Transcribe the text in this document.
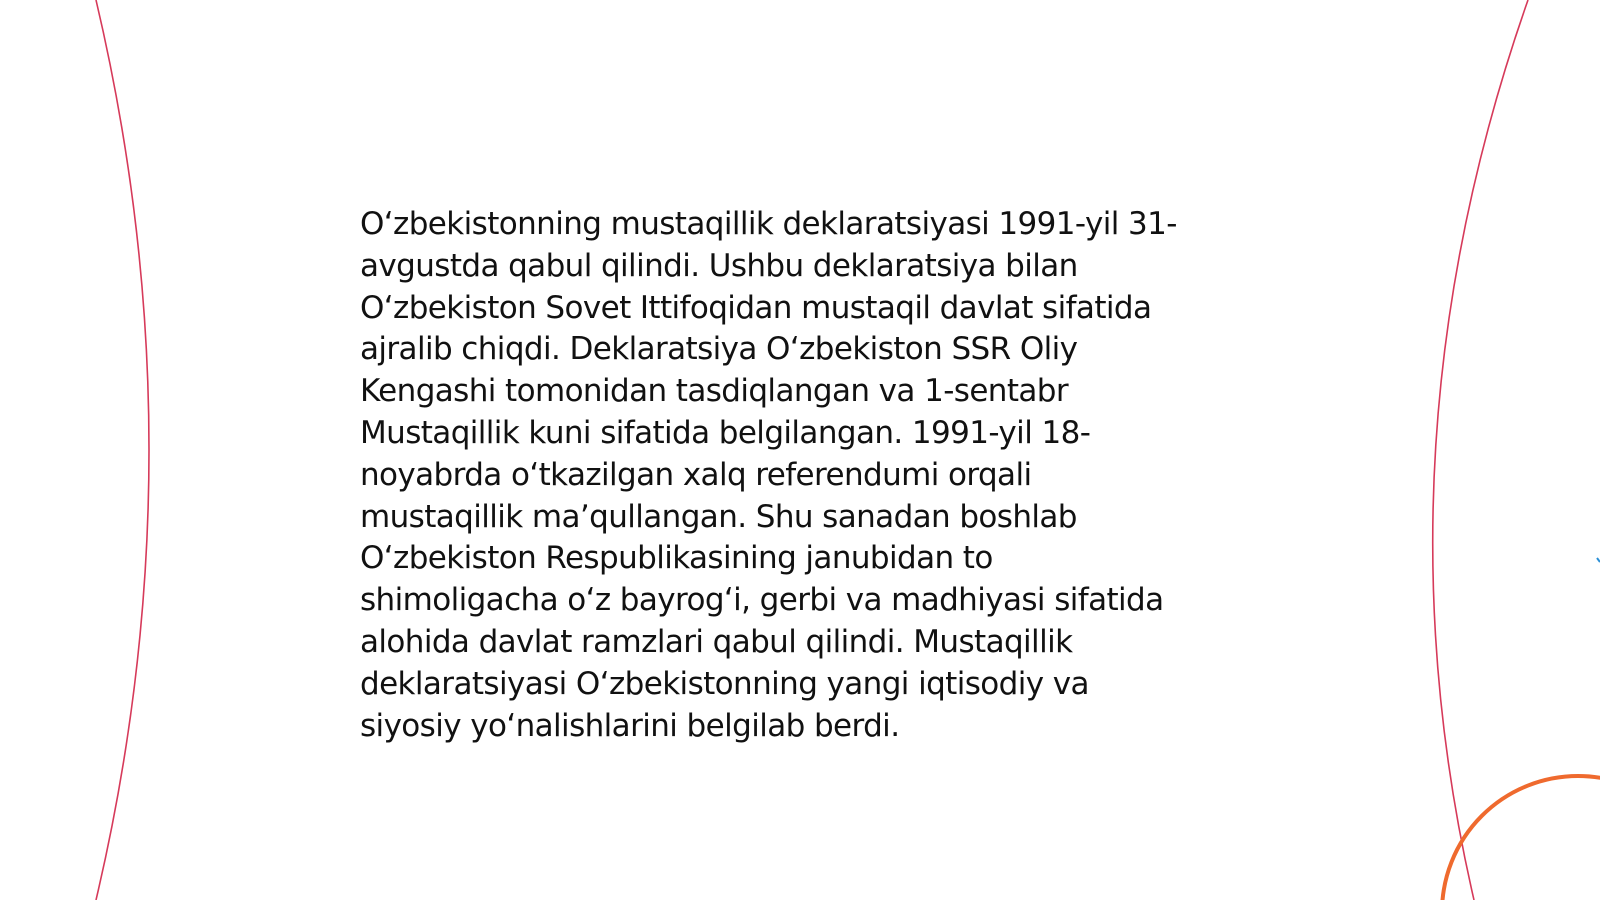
O‘zbekistonning mustaqillik deklaratsiyasi 1991-yil 31-
avgustda qabul qilindi. Ushbu deklaratsiya bilan
O‘zbekiston Sovet Ittifoqidan mustaqil davlat sifatida
ajralib chiqdi. Deklaratsiya O‘zbekiston SSR Oliy
Kengashi tomonidan tasdiqlangan va 1-sentabr
Mustaqillik kuni sifatida belgilangan. 1991-yil 18-
noyabrda o‘tkazilgan xalq referendumi orqali
mustaqillik ma’qullangan. Shu sanadan boshlab
O‘zbekiston Respublikasining janubidan to
shimoligacha o‘z bayrog‘i, gerbi va madhiyasi sifatida
alohida davlat ramzlari qabul qilindi. Mustaqillik
deklaratsiyasi O‘zbekistonning yangi iqtisodiy va
siyosiy yo‘nalishlarini belgilab berdi.
